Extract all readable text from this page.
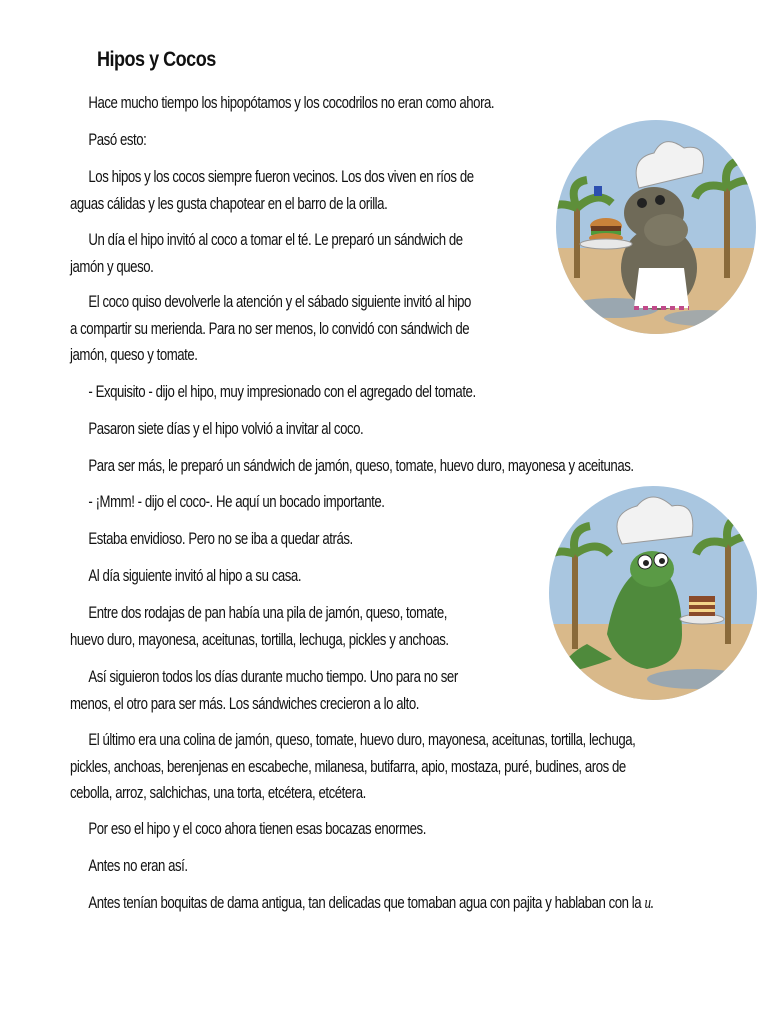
Hipos y Cocos

Hace mucho tiempo los hipopótamos y los cocodrilos no eran como ahora.

Pasó esto:

Los hipos y los cocos siempre fueron vecinos. Los dos viven en ríos de
aguas cálidas y les gusta chapotear en el barro de la orilla.

Un día el hipo invitó al coco a tomar el té. Le preparó un sándwich de
jamón y queso.

El coco quiso devolverle la atención y el sábado siguiente invitó al hipo
a compartir su merienda. Para no ser menos, lo convidó con sándwich de
jamón, queso y tomate.

- Exquisito - dijo el hipo, muy impresionado con el agregado del tomate.

Pasaron siete días y el hipo volvió a invitar al coco.

Para ser más, le preparó un sándwich de jamón, queso, tomate, huevo duro, mayonesa y aceitunas.

- ¡Mmm! - dijo el coco-. He aquí un bocado importante.

Estaba envidioso. Pero no se iba a quedar atrás.

Al día siguiente invitó al hipo a su casa.

Entre dos rodajas de pan había una pila de jamón, queso, tomate,
huevo duro, mayonesa, aceitunas, tortilla, lechuga, pickles y anchoas.

Así siguieron todos los días durante mucho tiempo. Uno para no ser
menos, el otro para ser más. Los sándwiches crecieron a lo alto.

El último era una colina de jamón, queso, tomate, huevo duro, mayonesa, aceitunas, tortilla, lechuga,
pickles, anchoas, berenjenas en escabeche, milanesa, butifarra, apio, mostaza, puré, budines, aros de
cebolla, arroz, salchichas, una torta, etcétera, etcétera.

Por eso el hipo y el coco ahora tienen esas bocazas enormes.

Antes no eran así.

Antes tenían boquitas de dama antigua, tan delicadas que tomaban agua con pajita y hablaban con la u.
